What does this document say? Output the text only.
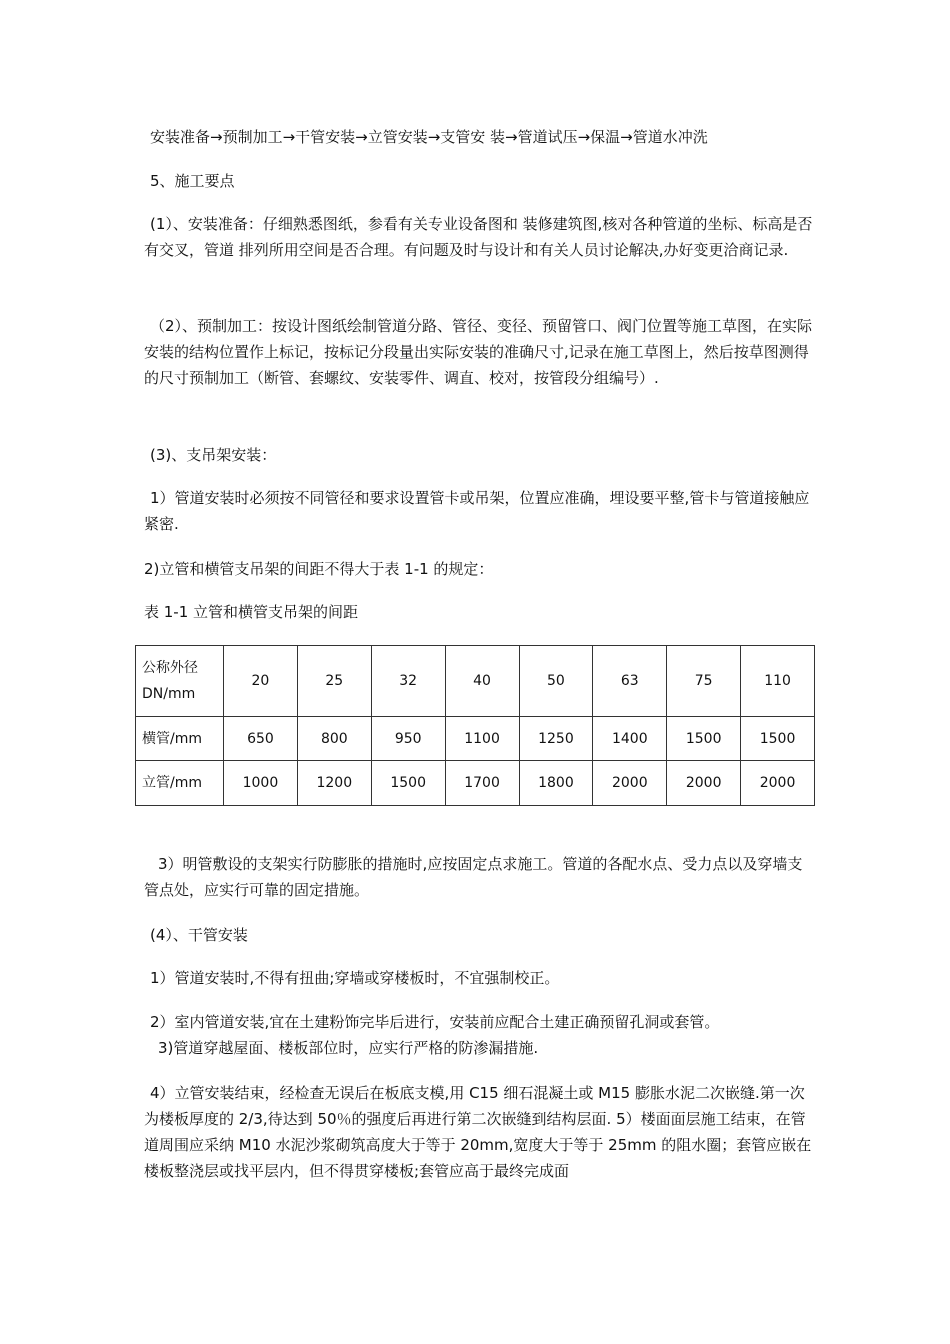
安装准备→预制加工→干管安装→立管安装→支管安 装→管道试压→保温→管道水冲洗

5、施工要点

(1）、安装准备：仔细熟悉图纸，参看有关专业设备图和 装修建筑图,核对各种管道的坐标、标高是否有交叉，管道 排列所用空间是否合理。有问题及时与设计和有关人员讨论解决,办好变更洽商记录.

（2）、预制加工：按设计图纸绘制管道分路、管径、变径、预留管口、阀门位置等施工草图，在实际安装的结构位置作上标记，按标记分段量出实际安装的准确尺寸,记录在施工草图上，然后按草图测得的尺寸预制加工（断管、套螺纹、安装零件、调直、校对，按管段分组编号）.

(3)、支吊架安装：

1）管道安装时必须按不同管径和要求设置管卡或吊架，位置应准确，埋设要平整,管卡与管道接触应紧密.

2)立管和横管支吊架的间距不得大于表 1-1 的规定：

表 1-1 立管和横管支吊架的间距

公称外径
DN/mm	20	25	32	40	50	63	75	110
横管/mm	650	800	950	1100	1250	1400	1500	1500
立管/mm	1000	1200	1500	1700	1800	2000	2000	2000

3）明管敷设的支架实行防膨胀的措施时,应按固定点求施工。管道的各配水点、受力点以及穿墙支管点处，应实行可靠的固定措施。

(4）、干管安装

1）管道安装时,不得有扭曲;穿墙或穿楼板时，不宜强制校正。

2）室内管道安装,宜在土建粉饰完毕后进行，安装前应配合土建正确预留孔洞或套管。

3)管道穿越屋面、楼板部位时，应实行严格的防渗漏措施.

4）立管安装结束，经检查无误后在板底支模,用 C15 细石混凝土或 M15 膨胀水泥二次嵌缝.第一次为楼板厚度的 2/3,待达到 50％的强度后再进行第二次嵌缝到结构层面. 5）楼面面层施工结束，在管道周围应采纳 M10 水泥沙浆砌筑高度大于等于 20mm,宽度大于等于 25mm 的阻水圈；套管应嵌在楼板整浇层或找平层内，但不得贯穿楼板;套管应高于最终完成面
